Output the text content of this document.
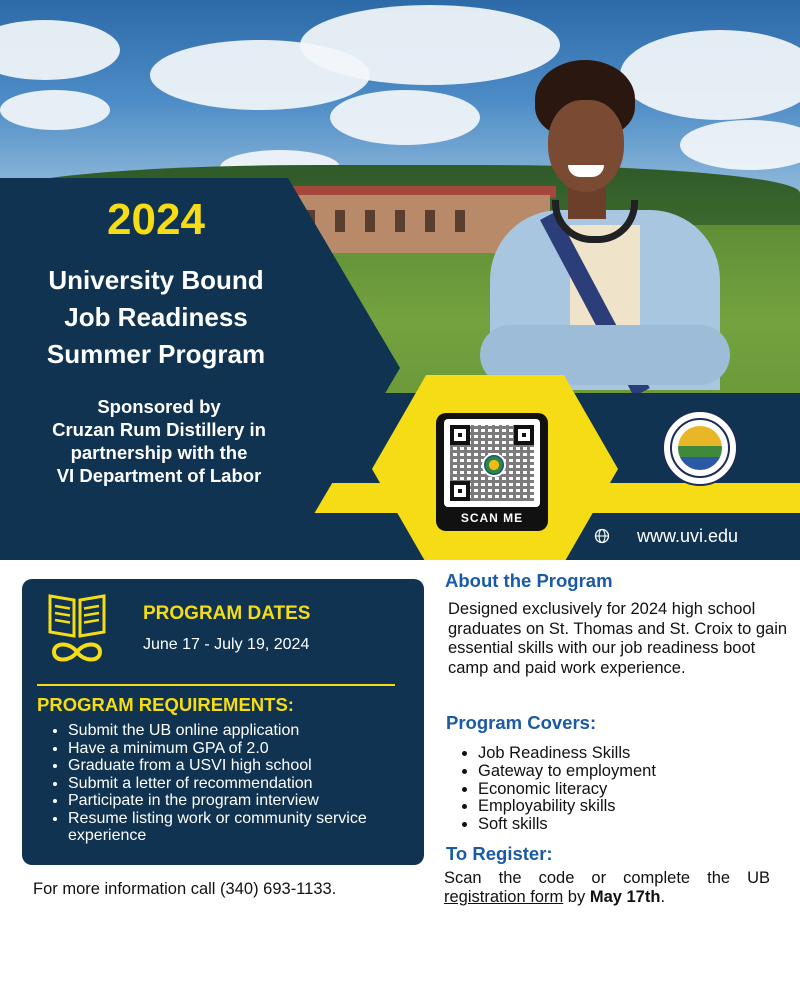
2024
University Bound
Job Readiness
Summer Program
Sponsored by
Cruzan Rum Distillery in
partnership with the
VI Department of Labor
SCAN ME
www.uvi.edu
PROGRAM DATES
June 17 - July 19, 2024
PROGRAM REQUIREMENTS:
• Submit the UB online application
• Have a minimum GPA of 2.0
• Graduate from a USVI high school
• Submit a letter of recommendation
• Participate in the program interview
• Resume listing work or community service experience
For more information call (340) 693-1133.
About the Program
Designed exclusively for 2024 high school graduates on St. Thomas and St. Croix to gain essential skills with our job readiness boot camp and paid work experience.
Program Covers:
• Job Readiness Skills
• Gateway to employment
• Economic literacy
• Employability skills
• Soft skills
To Register:
Scan the code or complete the UB registration form by May 17th.
